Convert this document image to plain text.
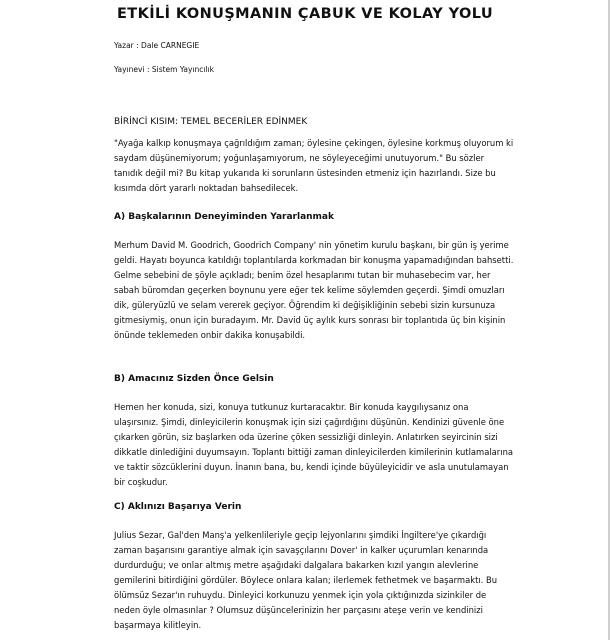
ETKİLİ KONUŞMANIN ÇABUK VE KOLAY YOLU
Yazar : Dale CARNEGIE
Yayınevi : Sistem Yayıncılık
BİRİNCİ KISIM: TEMEL BECERİLER EDİNMEK

"Ayağa kalkıp konuşmaya çağrıldığım zaman; öylesine çekingen, öylesine korkmuş oluyorum ki saydam düşünemiyorum; yoğunlaşamıyorum, ne söyleyeceğimi unutuyorum." Bu sözler tanıdık değil mi? Bu kitap yukarıda ki sorunların üstesinden etmeniz için hazırlandı. Size bu kısımda dört yararlı noktadan bahsedilecek.

A) Başkalarının Deneyiminden Yararlanmak

Merhum David M. Goodrich, Goodrich Company' nin yönetim kurulu başkanı, bir gün iş yerime geldi. Hayatı boyunca katıldığı toplantılarda korkmadan bir konuşma yapamadığından bahsetti. Gelme sebebini de şöyle açıkladı; benim özel hesaplarımı tutan bir muhasebecim var, her sabah büromdan geçerken boynunu yere eğer tek kelime söylemden geçerdi. Şimdi omuzları dik, güleryüzlü ve selam vererek geçiyor. Öğrendim ki değişikliğinin sebebi sizin kursunuza gitmesiymiş, onun için buradayım. Mr. David üç aylık kurs sonrası bir toplantıda üç bin kişinin önünde teklemeden onbir dakika konuşabildi.

B) Amacınız Sizden Önce Gelsin

Hemen her konuda, sizi, konuya tutkunuz kurtaracaktır. Bir konuda kaygılıysanız ona ulaşırsınız. Şimdi, dinleyicilerin konuşmak için sizi çağırdığını düşünün. Kendinizi güvenle öne çıkarken görün, siz başlarken oda üzerine çöken sessizliği dinleyin. Anlatırken seyircinin sizi dikkatle dinlediğini duyumsayın. Toplantı bittiği zaman dinleyicilerden kimilerinin kutlamalarına ve taktir sözcüklerini duyun. İnanın bana, bu, kendi içinde büyüleyicidir ve asla unutulamayan bir coşkudur.

C) Aklınızı Başarıya Verin

Julius Sezar, Gal'den Manş'a yelkenlileriyle geçip lejyonlarını şimdiki İngiltere'ye çıkardığı zaman başarısını garantiye almak için savaşçılarını Dover' in kalker uçurumları kenarında durdurduğu; ve onlar altmış metre aşağıdaki dalgalara bakarken kızıl yangın alevlerine gemilerini bitirdiğini gördüler. Böylece onlara kalan; ilerlemek fethetmek ve başarmaktı. Bu ölümsüz Sezar'ın ruhuydu. Dinleyici korkunuzu yenmek için yola çıktığınızda sizinkiler de neden öyle olmasınlar ? Olumsuz düşüncelerinizin her parçasını ateşe verin ve kendinizi başarmaya kilitleyin.
